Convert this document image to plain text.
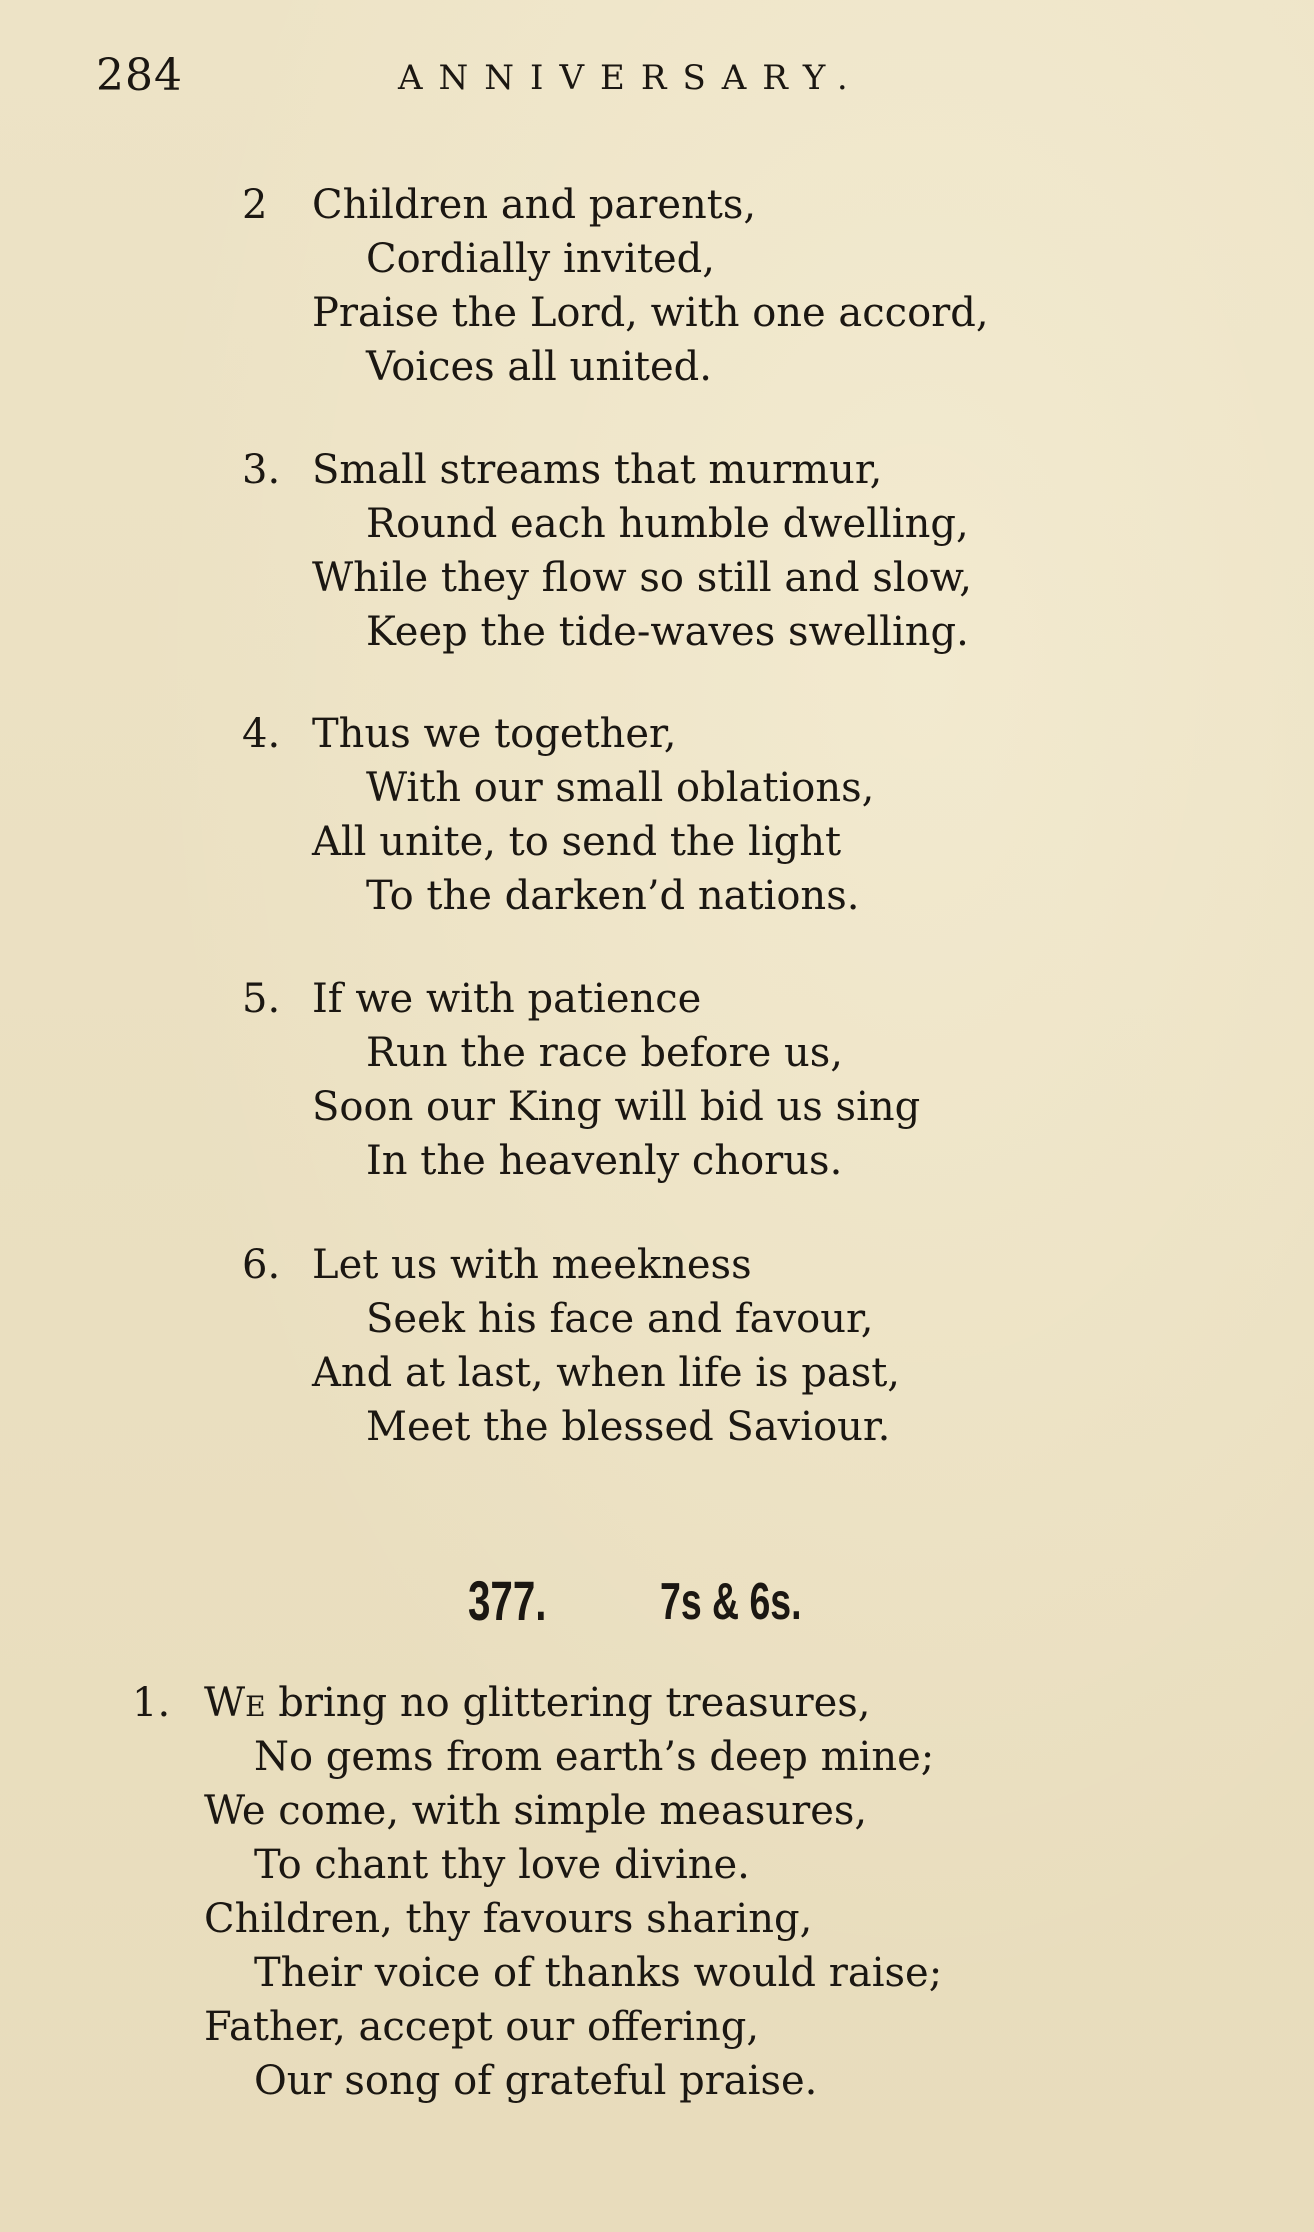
284	ANNIVERSARY.
2 Children and parents,
Cordially invited,
Praise the Lord, with one accord,
Voices all united.
3. Small streams that murmur,
Round each humble dwelling,
While they flow so still and slow,
Keep the tide-waves swelling.
4. Thus we together,
With our small oblations,
All unite, to send the light
To the darken’d nations.
5. If we with patience
Run the race before us,
Soon our King will bid us sing
In the heavenly chorus.
6. Let us with meekness
Seek his face and favour,
And at last, when life is past,
Meet the blessed Saviour.
377. 7s & 6s.
1. We bring no glittering treasures,
No gems from earth’s deep mine;
We come, with simple measures,
To chant thy love divine.
Children, thy favours sharing,
Their voice of thanks would raise;
Father, accept our offering,
Our song of grateful praise.
